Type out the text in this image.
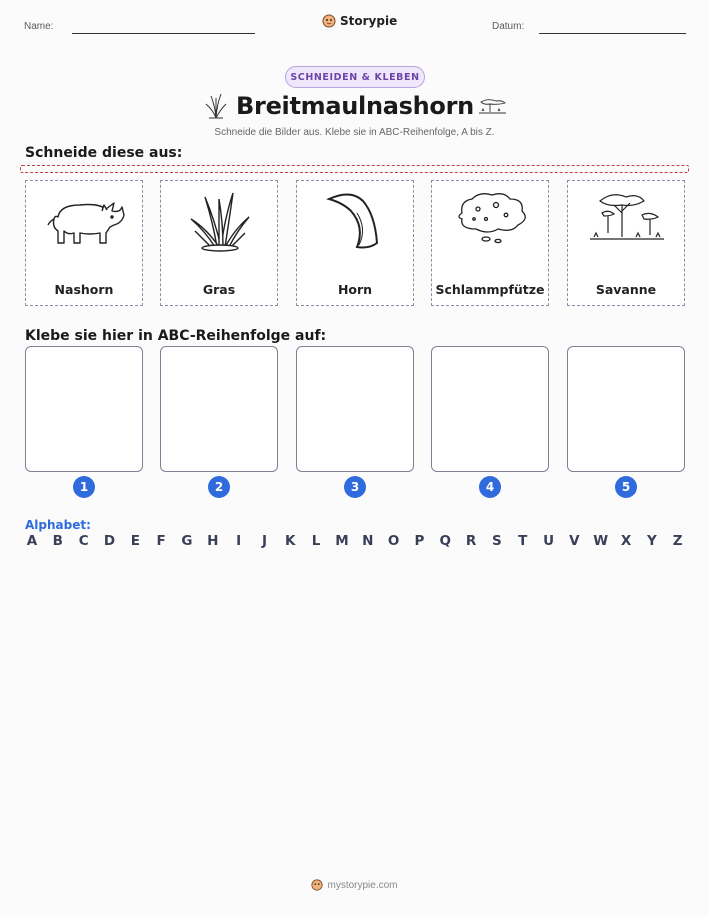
Name:	Storypie	Datum:
SCHNEIDEN & KLEBEN
Breitmaulnashorn
Schneide die Bilder aus. Klebe sie in ABC-Reihenfolge, A bis Z.
Schneide diese aus:
Nashorn	Gras	Horn	Schlammpfütze	Savanne
Klebe sie hier in ABC-Reihenfolge auf:
1	2	3	4	5
Alphabet:
A B C D E F G H	I	J	K L M N O P Q R S T U V W X Y Z
mystorypie.com
